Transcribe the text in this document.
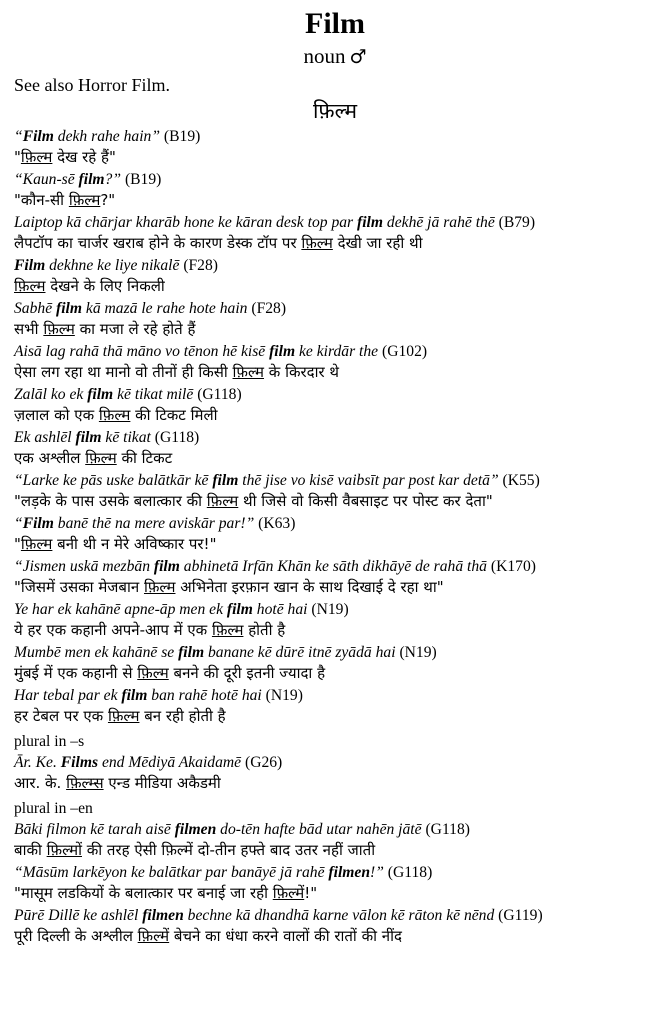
Film
noun ♂
See also Horror Film.
फ़िल्म
“Film dekh rahe hain” (B19)
"फ़िल्म देख रहे हैं"
“Kaun-sē film?” (B19)
"कौन-सी फ़िल्म?"
Laiptop kā chārjar kharāb hone ke kāran desk top par film dekhē jā rahē thē (B79)
लैपटॉप का चार्जर खराब होने के कारण डेस्क टॉप पर फ़िल्म देखी जा रही थी
Film dekhne ke liye nikalē (F28)
फ़िल्म देखने के लिए निकली
Sabhē film kā mazā le rahe hote hain (F28)
सभी फ़िल्म का मजा ले रहे होते हैं
Aisā lag rahā thā māno vo tēnon hē kisē film ke kirdār the (G102)
ऐसा लग रहा था मानो वो तीनों ही किसी फ़िल्म के किरदार थे
Zalāl ko ek film kē tikat milē (G118)
ज़लाल को एक फ़िल्म की टिकट मिली
Ek ashlēl film kē tikat (G118)
एक अश्लील फ़िल्म की टिकट
“Larke ke pās uske balātkār kē film thē jise vo kisē vaibsīt par post kar detā” (K55)
"लड़के के पास उसके बलात्कार की फ़िल्म थी जिसे वो किसी वैबसाइट पर पोस्ट कर देता"
“Film banē thē na mere aviskār par!” (K63)
"फ़िल्म बनी थी न मेरे अविष्कार पर!"
“Jismen uskā mezbān film abhinetā Irfān Khān ke sāth dikhāyē de rahā thā (K170)
"जिसमें उसका मेजबान फ़िल्म अभिनेता इरफ़ान खान के साथ दिखाई दे रहा था"
Ye har ek kahānē apne-āp men ek film hotē hai (N19)
ये हर एक कहानी अपने-आप में एक फ़िल्म होती है
Mumbē men ek kahānē se film banane kē dūrē itnē zyādā hai (N19)
मुंबई में एक कहानी से फ़िल्म बनने की दूरी इतनी ज्यादा है
Har tebal par ek film ban rahē hotē hai (N19)
हर टेबल पर एक फ़िल्म बन रही होती है
plural in –s
Ār. Ke. Films end Mēdiyā Akaidamē (G26)
आर. के. फ़िल्म्स एन्ड मीडिया अकैडमी
plural in –en
Bāki filmon kē tarah aisē filmen do-tēn hafte bād utar nahēn jātē (G118)
बाकी फ़िल्मों की तरह ऐसी फ़िल्में दो-तीन हफ्ते बाद उतर नहीं जाती
“Māsūm larkēyon ke balātkar par banāyē jā rahē filmen!” (G118)
"मासूम लडकियों के बलात्कार पर बनाई जा रही फ़िल्में!"
Pūrē Dillē ke ashlēl filmen bechne kā dhandhā karne vālon kē rāton kē nēnd (G119)
पूरी दिल्ली के अश्लील फ़िल्में बेचने का धंधा करने वालों की रातों की नींद
